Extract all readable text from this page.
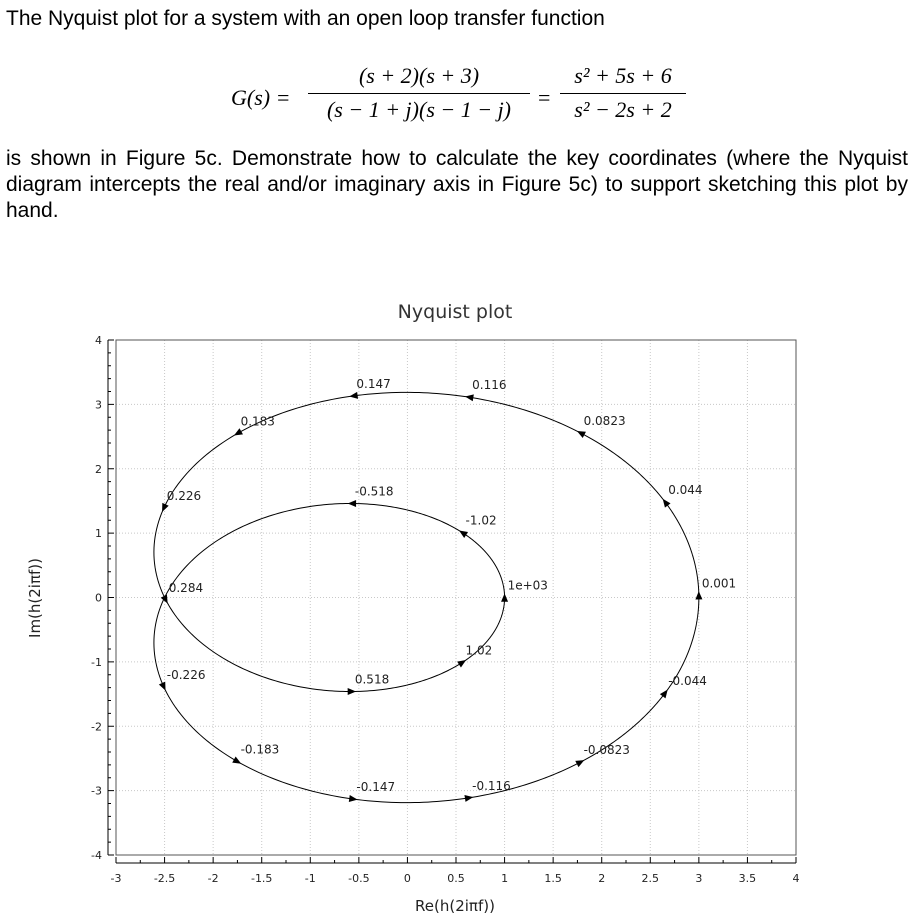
The Nyquist plot for a system with an open loop transfer function
G(s) =
(s + 2)(s + 3)
(s − 1 + j)(s − 1 − j)	=
s² + 5s + 6
s² − 2s + 2
is shown in Figure 5c. Demonstrate how to calculate the key coordinates (where the Nyquist diagram intercepts the real and/or imaginary axis in Figure 5c) to support sketching this plot by hand.
-3	-2.5	-2	-1.5	-1	-0.5	0	0.5	1	1.5	2	2.5	3	3.5	4
-4
-3
-2
-1
0
1
2
3
4
0.147	0.116
0.183	0.0823
0.226	0.044
-0.518
-1.02
0.284	1e+03	0.001
1.02
-0.226	0.518	-0.044
-0.183	-0.0823
-0.147	-0.116
Nyquist plot
Re(h(2iπf))
Im(h(2iπf))
